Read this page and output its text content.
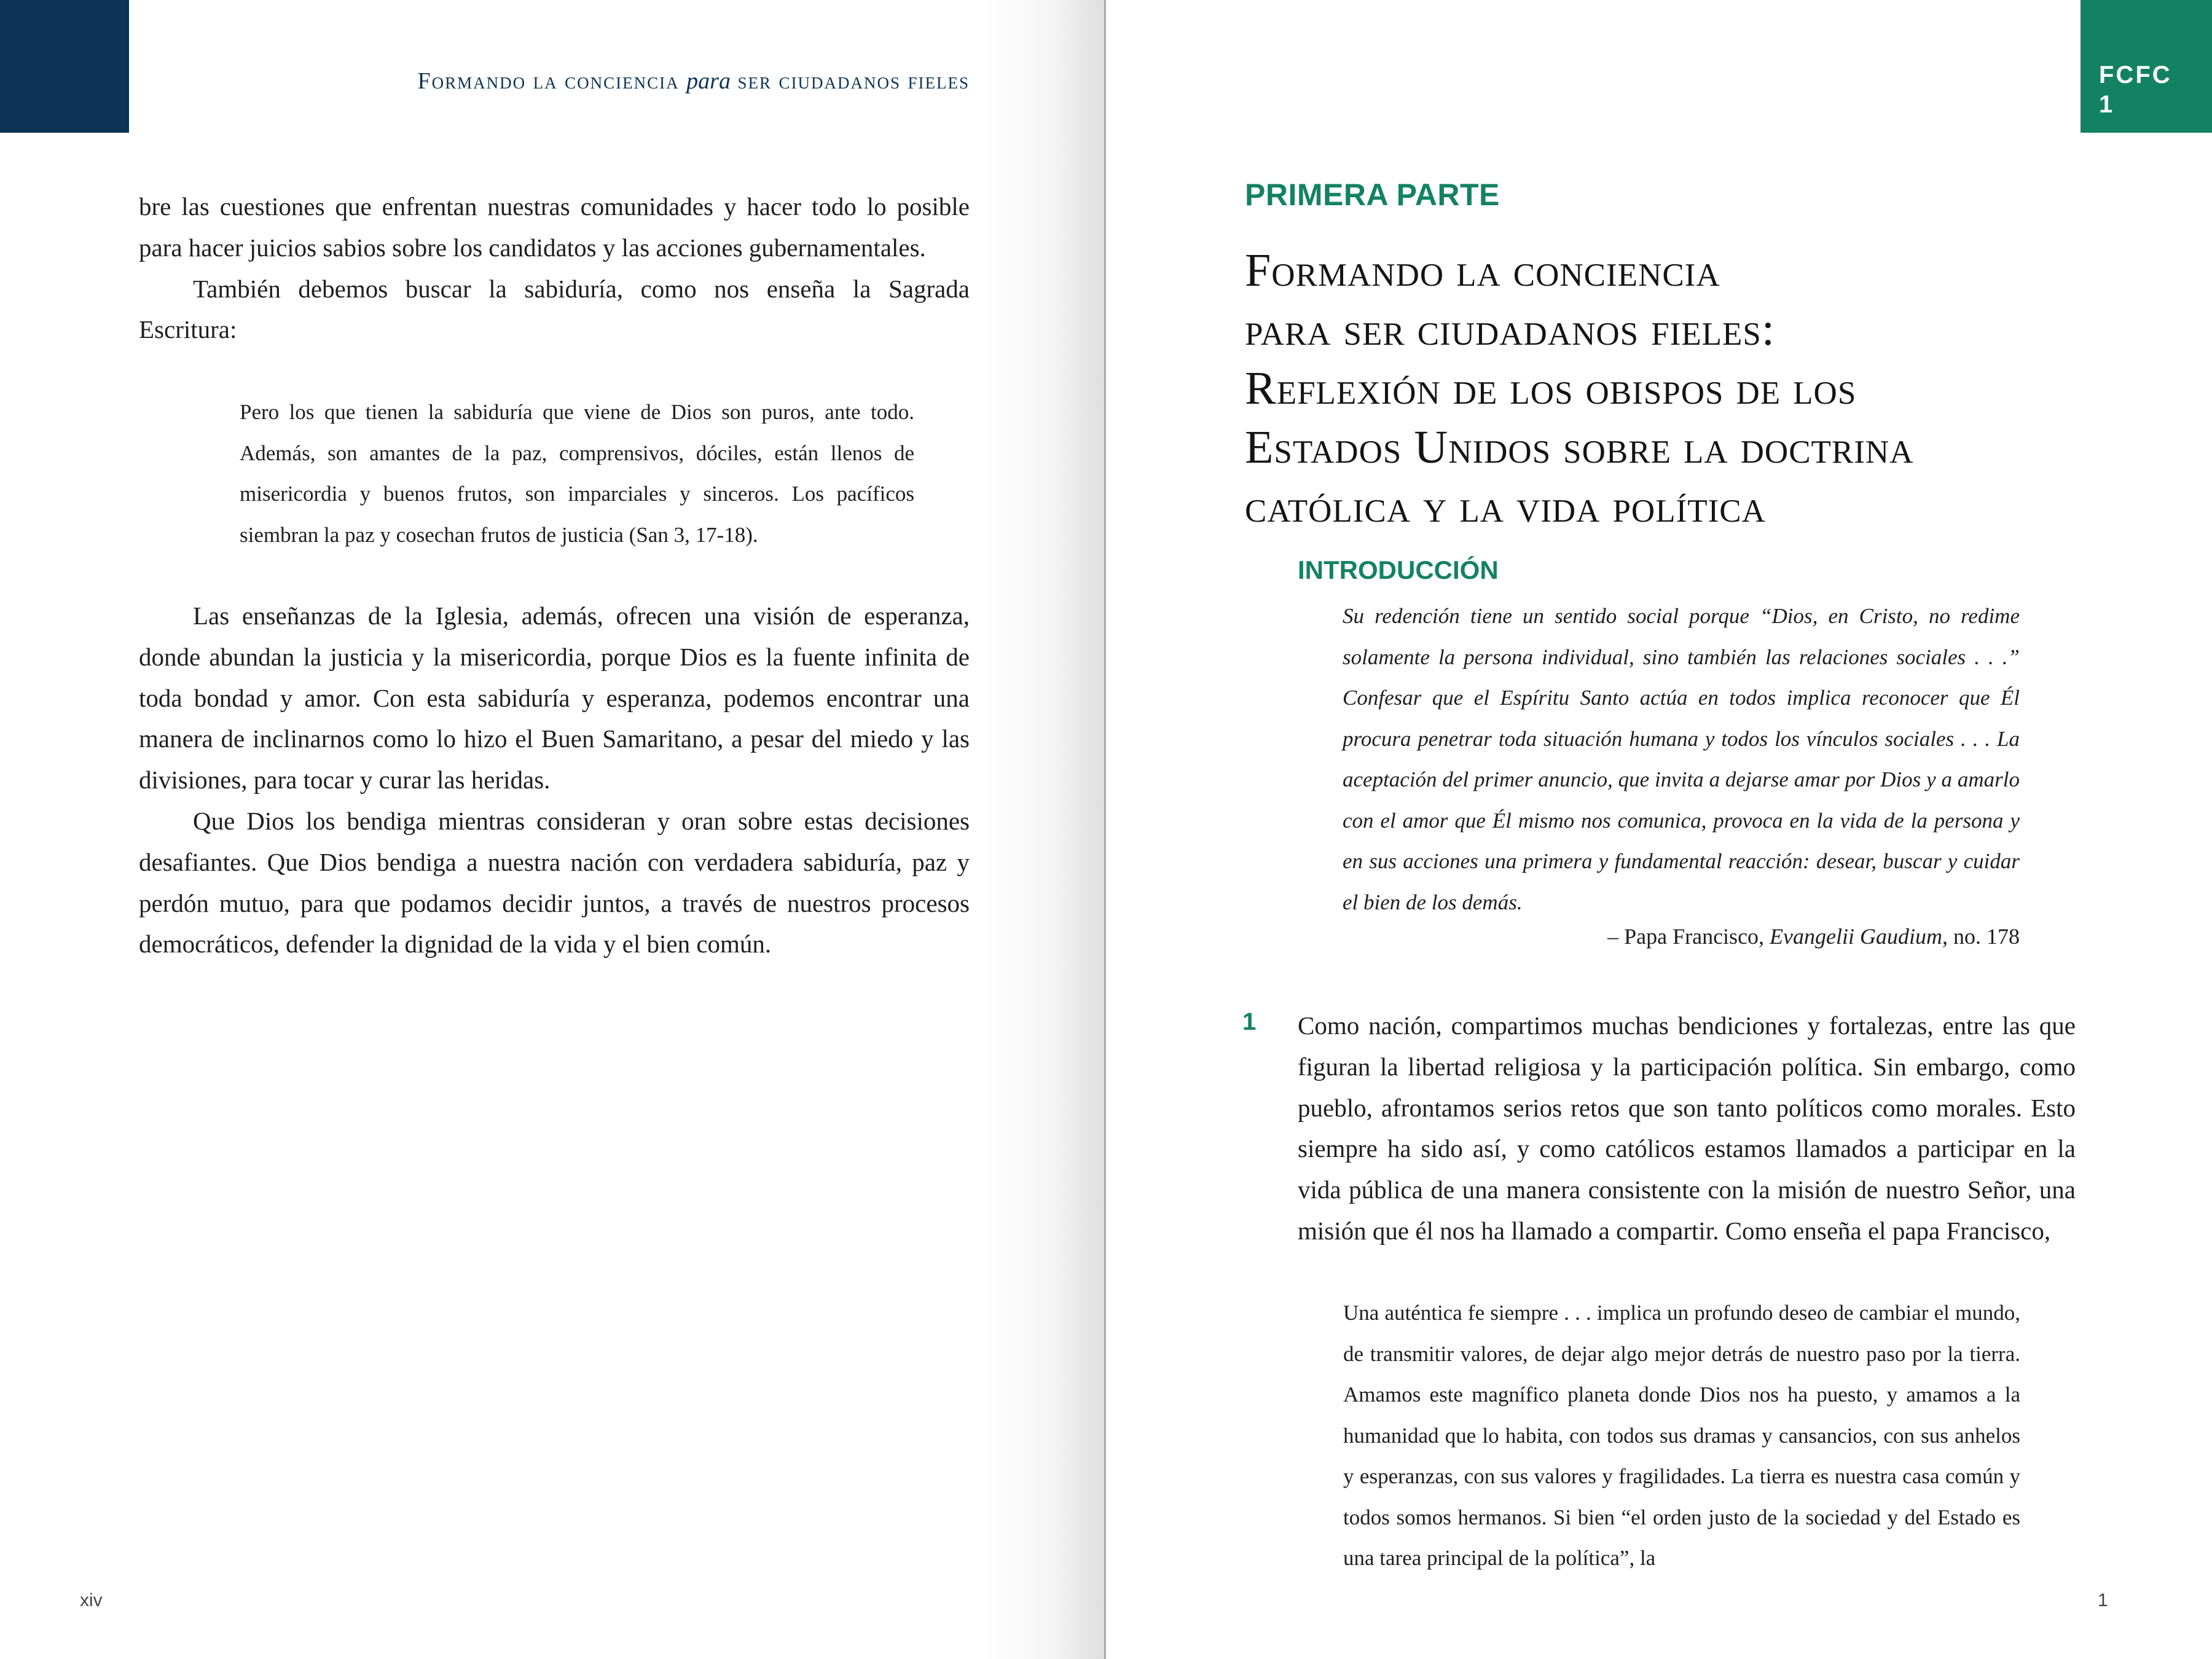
Formando la conciencia para ser ciudadanos fieles

bre las cuestiones que enfrentan nuestras comunidades y hacer todo lo posible para hacer juicios sabios sobre los candidatos y las acciones gubernamentales.

También debemos buscar la sabiduría, como nos enseña la Sagrada Escritura:

Pero los que tienen la sabiduría que viene de Dios son puros, ante todo. Además, son amantes de la paz, comprensivos, dóciles, están llenos de misericordia y buenos frutos, son imparciales y sinceros. Los pacíficos siembran la paz y cosechan frutos de justicia (San 3, 17-18).

Las enseñanzas de la Iglesia, además, ofrecen una visión de esperanza, donde abundan la justicia y la misericordia, porque Dios es la fuente infinita de toda bondad y amor. Con esta sabiduría y esperanza, podemos encontrar una manera de inclinarnos como lo hizo el Buen Samaritano, a pesar del miedo y las divisiones, para tocar y curar las heridas.

Que Dios los bendiga mientras consideran y oran sobre estas decisiones desafiantes. Que Dios bendiga a nuestra nación con verdadera sabiduría, paz y perdón mutuo, para que podamos decidir juntos, a través de nuestros procesos democráticos, defender la dignidad de la vida y el bien común.

xiv
FCFC
1
PRIMERA PARTE
Formando la conciencia
para ser ciudadanos fieles:
Reflexión de los obispos de los
Estados Unidos sobre la doctrina
católica y la vida política
INTRODUCCIÓN
Su redención tiene un sentido social porque “Dios, en Cristo, no redime solamente la persona individual, sino también las relaciones sociales . . .” Confesar que el Espíritu Santo actúa en todos implica reconocer que Él procura penetrar toda situación humana y todos los vínculos sociales . . . La aceptación del primer anuncio, que invita a dejarse amar por Dios y a amarlo con el amor que Él mismo nos comunica, provoca en la vida de la persona y en sus acciones una primera y fundamental reacción: desear, buscar y cuidar el bien de los demás.
– Papa Francisco, Evangelii Gaudium, no. 178
1 Como nación, compartimos muchas bendiciones y fortalezas, entre las que figuran la libertad religiosa y la participación política. Sin embargo, como pueblo, afrontamos serios retos que son tanto políticos como morales. Esto siempre ha sido así, y como católicos estamos llamados a participar en la vida pública de una manera consistente con la misión de nuestro Señor, una misión que él nos ha llamado a compartir. Como enseña el papa Francisco,

Una auténtica fe siempre . . . implica un profundo deseo de cambiar el mundo, de transmitir valores, de dejar algo mejor detrás de nuestro paso por la tierra. Amamos este magnífico planeta donde Dios nos ha puesto, y amamos a la humanidad que lo habita, con todos sus dramas y cansancios, con sus anhelos y esperanzas, con sus valores y fragilidades. La tierra es nuestra casa común y todos somos hermanos. Si bien “el orden justo de la sociedad y del Estado es una tarea principal de la política”, la
1
